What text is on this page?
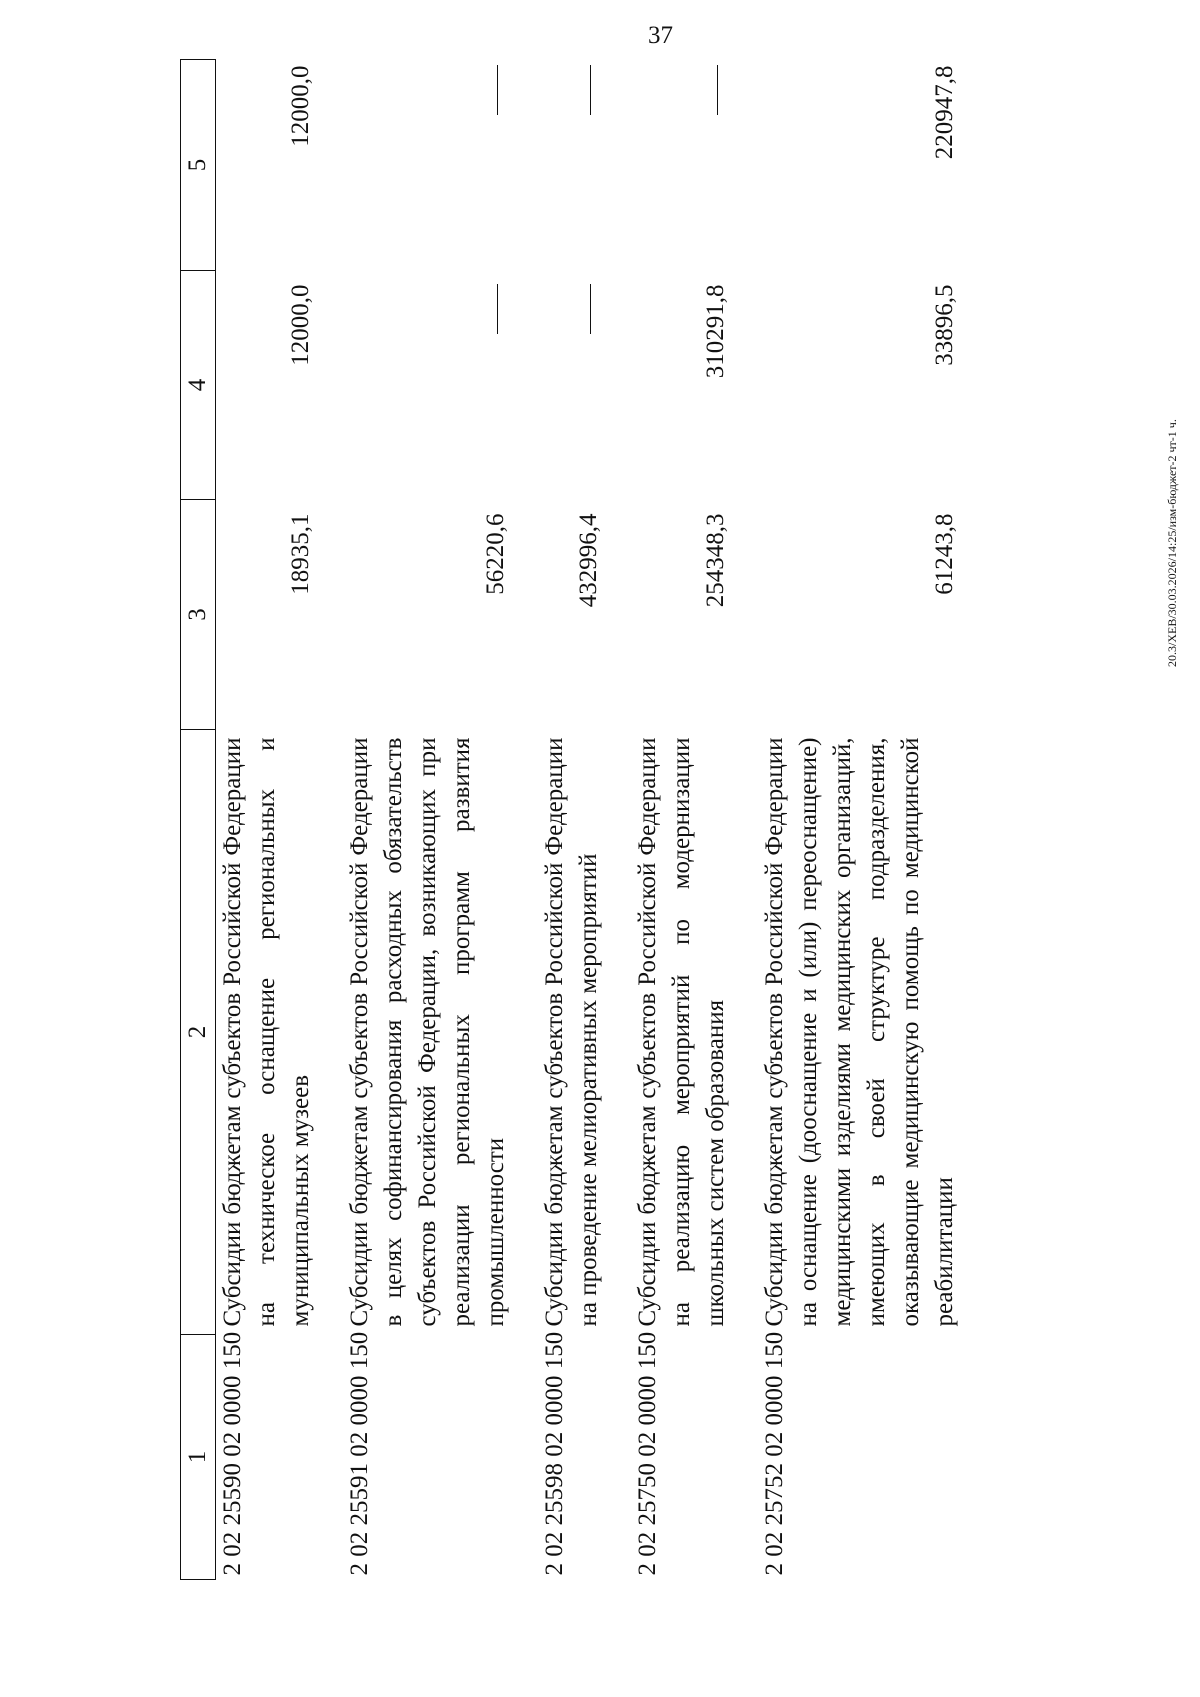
37
1	2	3	4	5
2 02 25590 02 0000 150	Субсидии бюджетам субъектов Российской Федерации на техническое оснащение региональных и муниципальных музеев	18935,1	12000,0	12000,0
2 02 25591 02 0000 150	Субсидии бюджетам субъектов Российской Федерации в целях софинансирования расходных обязательств субъектов Российской Федерации, возникающих при реализации региональных программ развития промышленности	56220,6		
2 02 25598 02 0000 150	Субсидии бюджетам субъектов Российской Федерации на проведение мелиоративных мероприятий	432996,4		
2 02 25750 02 0000 150	Субсидии бюджетам субъектов Российской Федерации на реализацию мероприятий по модернизации школьных систем образования	254348,3	310291,8	
2 02 25752 02 0000 150	Субсидии бюджетам субъектов Российской Федерации на оснащение (дооснащение и (или) переоснащение) медицинскими изделиями медицинских организаций, имеющих в своей структуре подразделения, оказывающие медицинскую помощь по медицинской реабилитации	61243,8	33896,5	220947,8
20.3/ХЕВ/30.03.2026/14:25/изм-бюджет-2 чт-1 ч.
